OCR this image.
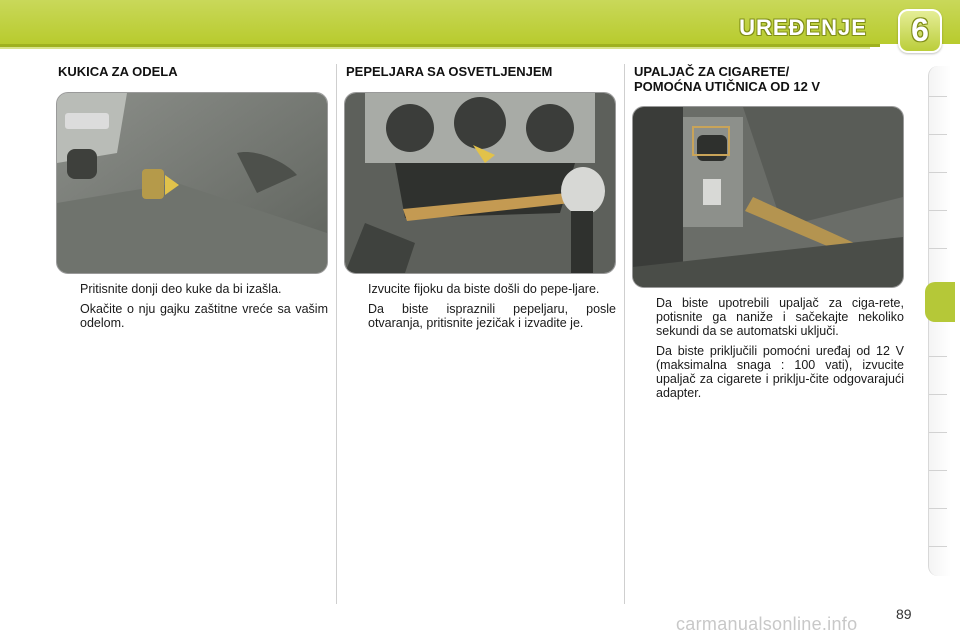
UREĐENJE	6
KUKICA ZA ODELA
Pritisnite donji deo kuke da bi izašla.
Okačite o nju gajku zaštitne vreće sa vašim odelom.
PEPELJARA SA OSVETLJENJEM
Izvucite fijoku da biste došli do pepe-ljare.
Da biste ispraznili pepeljaru, posle otvaranja, pritisnite jezičak i izvadite je.
UPALJAČ ZA CIGARETE/
POMOĆNA UTIČNICA OD 12 V
Da biste upotrebili upaljač za ciga-rete, potisnite ga naniže i sačekajte nekoliko sekundi da se automatski uključi.
Da biste priključili pomoćni uređaj od 12 V (maksimalna snaga : 100 vati), izvucite upaljač za cigarete i priklju-čite odgovarajući adapter.
89
carmanualsonline.info
